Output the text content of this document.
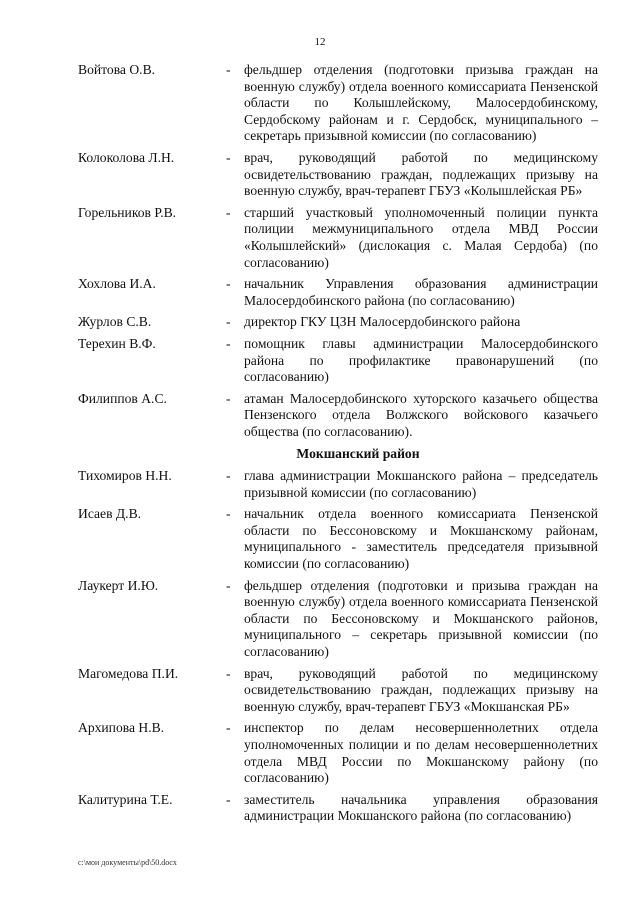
12
Войтова О.В.	- фельдшер отделения (подготовки призыва граждан на военную службу) отдела военного комиссариата Пензенской области по Колышлейскому, Малосердобинскому, Сердобскому районам и г. Сердобск, муниципального – секретарь призывной комиссии (по согласованию)
Колоколова Л.Н.	- врач, руководящий работой по медицинскому освидетельствованию граждан, подлежащих призыву на военную службу, врач-терапевт ГБУЗ «Колышлейская РБ»
Горельников Р.В.	- старший участковый уполномоченный полиции пункта полиции межмуниципального отдела МВД России «Колышлейский» (дислокация с. Малая Сердоба) (по согласованию)
Хохлова И.А.	- начальник Управления образования администрации Малосердобинского района (по согласованию)
Журлов С.В.	- директор ГКУ ЦЗН Малосердобинского района
Терехин В.Ф.	- помощник главы администрации Малосердобинского района по профилактике правонарушений (по согласованию)
Филиппов А.С.	- атаман Малосердобинского хуторского казачьего общества Пензенского отдела Волжского войскового казачьего общества (по согласованию).
Мокшанский район
Тихомиров Н.Н.	- глава администрации Мокшанского района – председатель призывной комиссии (по согласованию)
Исаев Д.В.	- начальник отдела военного комиссариата Пензенской области по Бессоновскому и Мокшанскому районам, муниципального - заместитель председателя призывной комиссии (по согласованию)
Лаукерт И.Ю.	- фельдшер отделения (подготовки и призыва граждан на военную службу) отдела военного комиссариата Пензенской области по Бессоновскому и Мокшанского районов, муниципального – секретарь призывной комиссии (по согласованию)
Магомедова П.И.	- врач, руководящий работой по медицинскому освидетельствованию граждан, подлежащих призыву на военную службу, врач-терапевт ГБУЗ «Мокшанская РБ»
Архипова Н.В.	- инспектор по делам несовершеннолетних отдела уполномоченных полиции и по делам несовершеннолетних отдела МВД России по Мокшанскому району (по согласованию)
Калитурина Т.Е.	- заместитель начальника управления образования администрации Мокшанского района (по согласованию)
c:\мои документы\рd\50.docx
